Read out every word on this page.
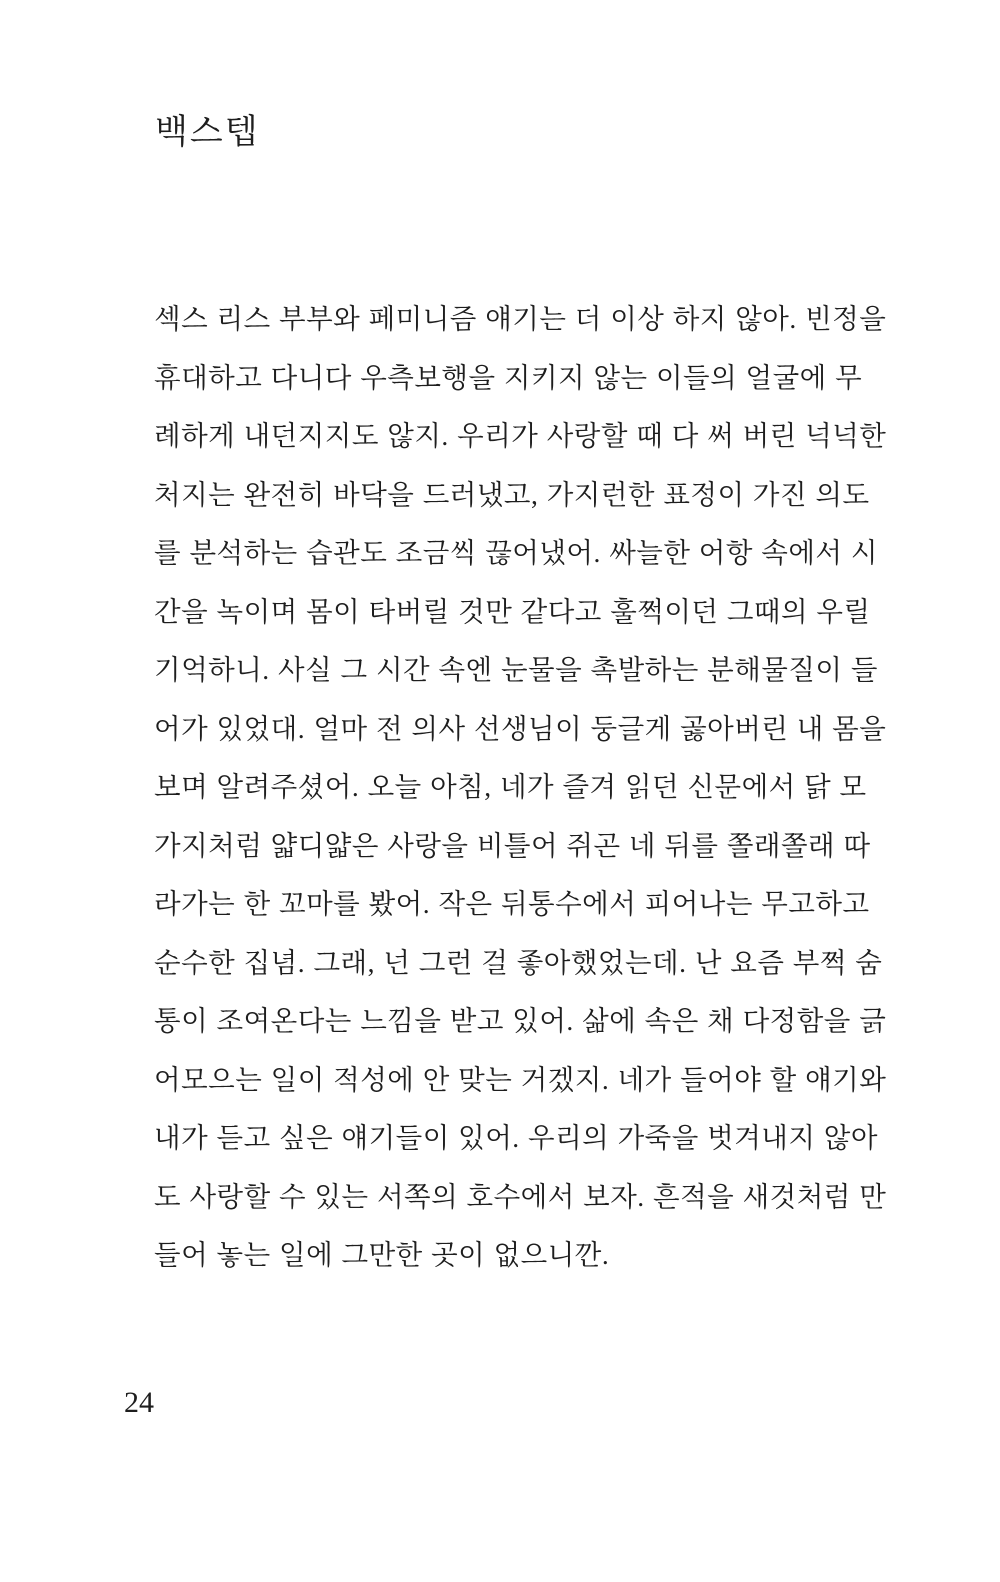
백스텝
섹스 리스 부부와 페미니즘 얘기는 더 이상 하지 않아. 빈정을
휴대하고 다니다 우측보행을 지키지 않는 이들의 얼굴에 무
례하게 내던지지도 않지. 우리가 사랑할 때 다 써 버린 넉넉한
처지는 완전히 바닥을 드러냈고, 가지런한 표정이 가진 의도
를 분석하는 습관도 조금씩 끊어냈어. 싸늘한 어항 속에서 시
간을 녹이며 몸이 타버릴 것만 같다고 훌쩍이던 그때의 우릴
기억하니. 사실 그 시간 속엔 눈물을 촉발하는 분해물질이 들
어가 있었대. 얼마 전 의사 선생님이 둥글게 곯아버린 내 몸을
보며 알려주셨어. 오늘 아침, 네가 즐겨 읽던 신문에서 닭 모
가지처럼 얇디얇은 사랑을 비틀어 쥐곤 네 뒤를 쫄래쫄래 따
라가는 한 꼬마를 봤어. 작은 뒤통수에서 피어나는 무고하고
순수한 집념. 그래, 넌 그런 걸 좋아했었는데. 난 요즘 부쩍 숨
통이 조여온다는 느낌을 받고 있어. 삶에 속은 채 다정함을 긁
어모으는 일이 적성에 안 맞는 거겠지. 네가 들어야 할 얘기와
내가 듣고 싶은 얘기들이 있어. 우리의 가죽을 벗겨내지 않아
도 사랑할 수 있는 서쪽의 호수에서 보자. 흔적을 새것처럼 만
들어 놓는 일에 그만한 곳이 없으니깐.
24
